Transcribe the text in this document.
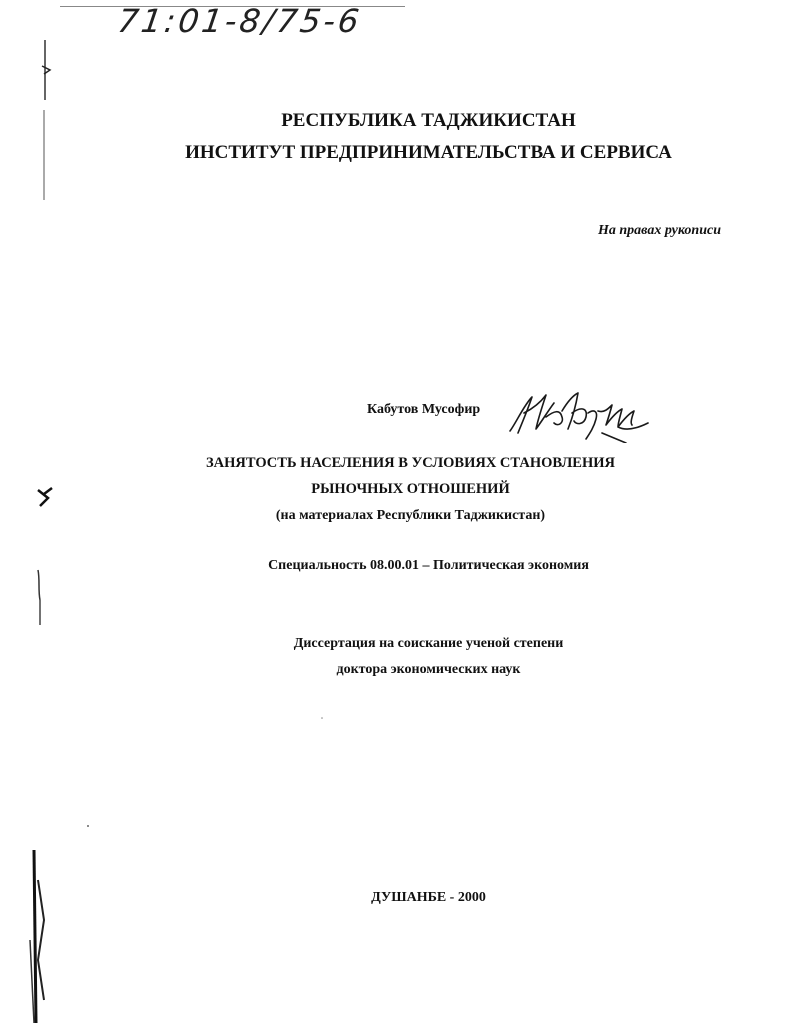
71:01-8/75-6
РЕСПУБЛИКА ТАДЖИКИСТАН
ИНСТИТУТ ПРЕДПРИНИМАТЕЛЬСТВА И СЕРВИСА
На правах рукописи
Кабутов Мусофир
ЗАНЯТОСТЬ НАСЕЛЕНИЯ В УСЛОВИЯХ СТАНОВЛЕНИЯ
РЫНОЧНЫХ ОТНОШЕНИЙ
(на материалах Республики Таджикистан)
Специальность 08.00.01 – Политическая экономия
Диссертация на соискание ученой степени
доктора экономических наук
ДУШАНБЕ - 2000
